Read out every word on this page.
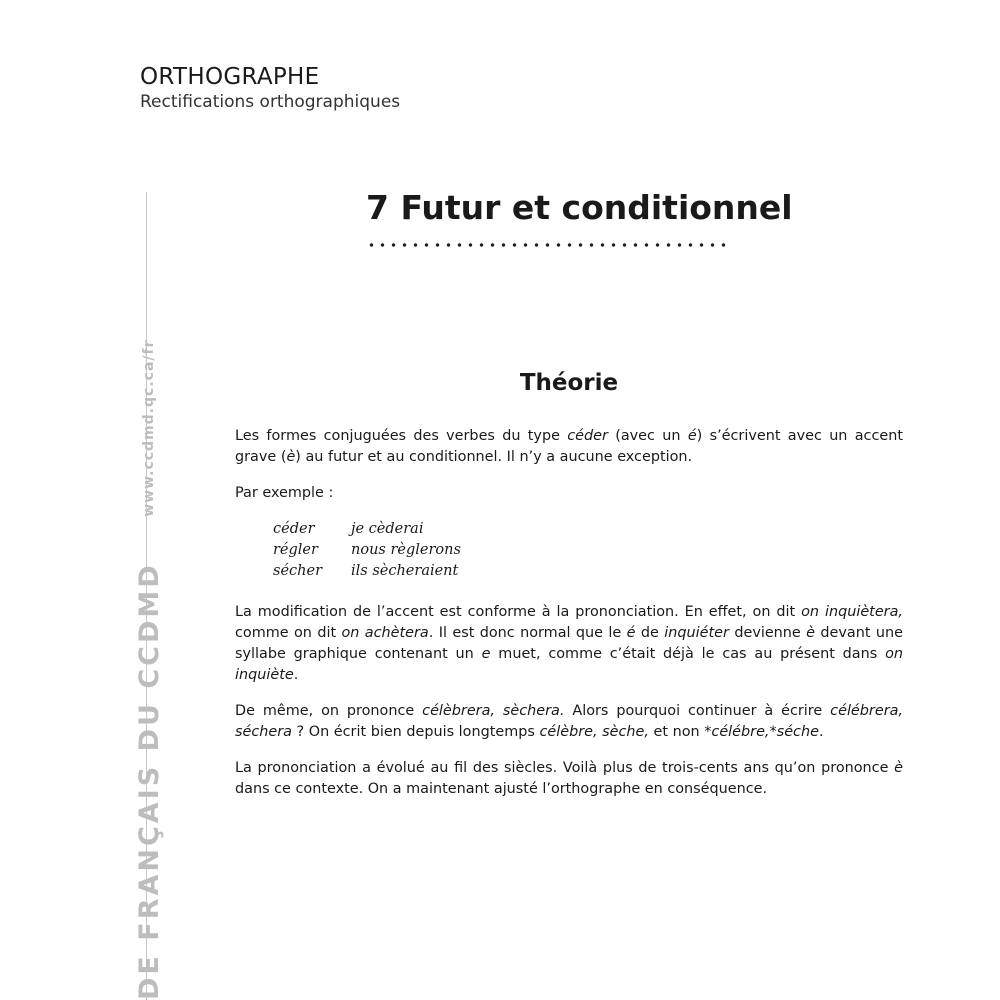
ORTHOGRAPHE
Rectifications orthographiques
DE FRANÇAIS DU CCDMD www.ccdmd.qc.ca/fr
7 Futur et conditionnel
Théorie

Les formes conjuguées des verbes du type céder (avec un é) s’écrivent avec un accent grave (è) au futur et au conditionnel. Il n’y a aucune exception.

Par exemple :

céder	je cèderai
régler	nous règlerons
sécher	ils sècheraient

La modification de l’accent est conforme à la prononciation. En effet, on dit on inquiètera, comme on dit on achètera. Il est donc normal que le é de inquiéter devienne è devant une syllabe graphique contenant un e muet, comme c’était déjà le cas au présent dans on inquiète.

De même, on prononce célèbrera, sèchera. Alors pourquoi continuer à écrire célébrera, séchera ? On écrit bien depuis longtemps célèbre, sèche, et non *célébre,*séche.

La prononciation a évolué au fil des siècles. Voilà plus de trois-cents ans qu’on prononce è dans ce contexte. On a maintenant ajusté l’orthographe en conséquence.
